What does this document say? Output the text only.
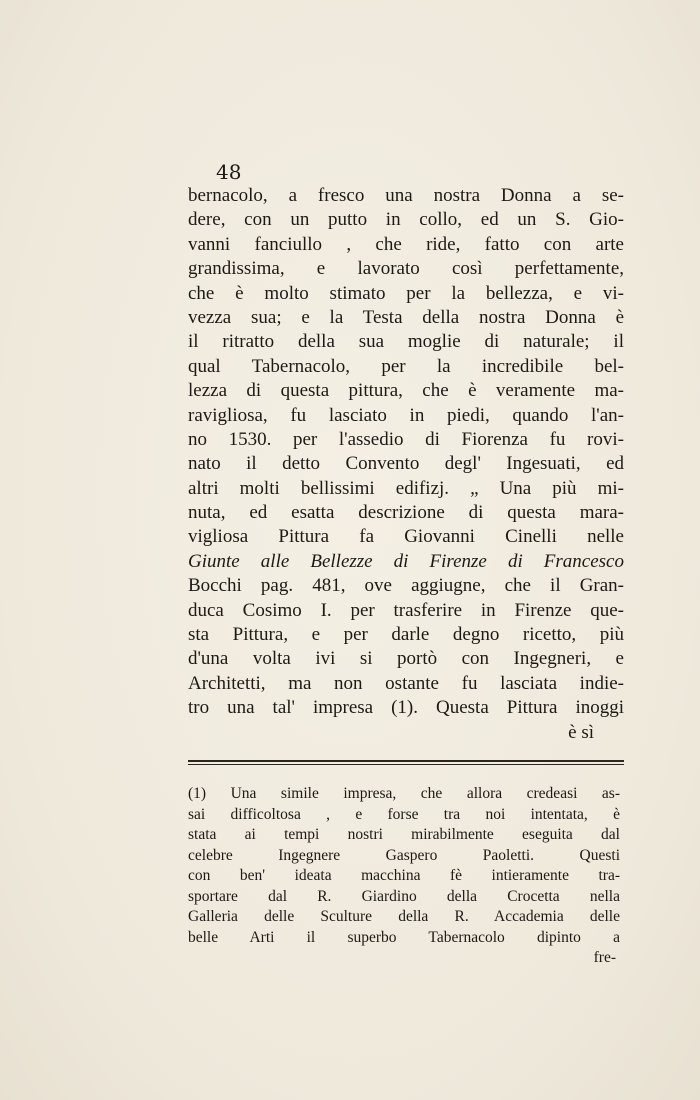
48
bernacolo, a fresco una nostra Donna a se-
dere, con un putto in collo, ed un S. Gio-
vanni fanciullo , che ride, fatto con arte
grandissima, e lavorato così perfettamente,
che è molto stimato per la bellezza, e vi-
vezza sua; e la Testa della nostra Donna è
il ritratto della sua moglie di naturale; il
qual Tabernacolo, per la incredibile bel-
lezza di questa pittura, che è veramente ma-
ravigliosa, fu lasciato in piedi, quando l'an-
no 1530. per l'assedio di Fiorenza fu rovi-
nato il detto Convento degl' Ingesuati, ed
altri molti bellissimi edifizj. „ Una più mi-
nuta, ed esatta descrizione di questa mara-
vigliosa Pittura fa Giovanni Cinelli nelle
Giunte alle Bellezze di Firenze di Francesco
Bocchi pag. 481, ove aggiugne, che il Gran-
duca Cosimo I. per trasferire in Firenze que-
sta Pittura, e per darle degno ricetto, più
d'una volta ivi si portò con Ingegneri, e
Architetti, ma non ostante fu lasciata indie-
tro una tal' impresa (1). Questa Pittura inoggi
è sì
(1) Una simile impresa, che allora credeasi as-
sai difficoltosa , e forse tra noi intentata, è
stata ai tempi nostri mirabilmente eseguita dal
celebre Ingegnere Gaspero Paoletti. Questi
con ben' ideata macchina fè intieramente tra-
sportare dal R. Giardino della Crocetta nella
Galleria delle Sculture della R. Accademia delle
belle Arti il superbo Tabernacolo dipinto a
fre-
